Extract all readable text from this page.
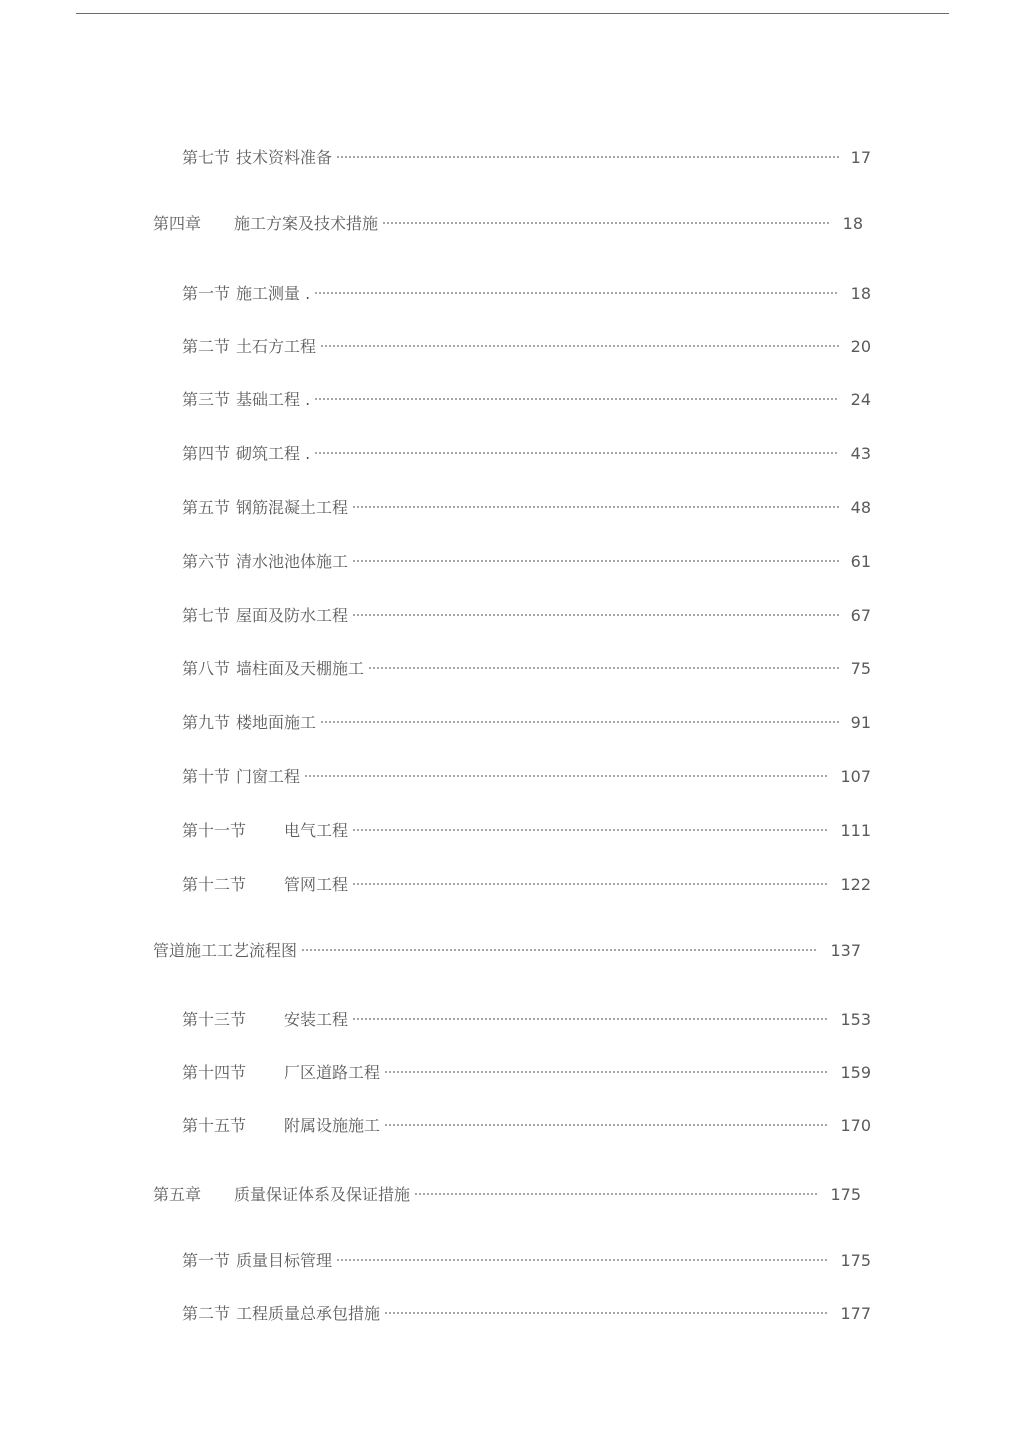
第七节 技术资料准备	17
第四章 施工方案及技术措施	18
第一节 施工测量 .	18
第二节 土石方工程	20
第三节 基础工程 .	24
第四节 砌筑工程 .	43
第五节 钢筋混凝土工程	48
第六节 清水池池体施工	61
第七节 屋面及防水工程	67
第八节 墙柱面及天棚施工	75
第九节 楼地面施工	91
第十节 门窗工程	107
第十一节 电气工程	111
第十二节 管网工程	122
管道施工工艺流程图	137
第十三节 安装工程	153
第十四节 厂区道路工程	159
第十五节 附属设施施工	170
第五章 质量保证体系及保证措施	175
第一节 质量目标管理	175
第二节 工程质量总承包措施	177
